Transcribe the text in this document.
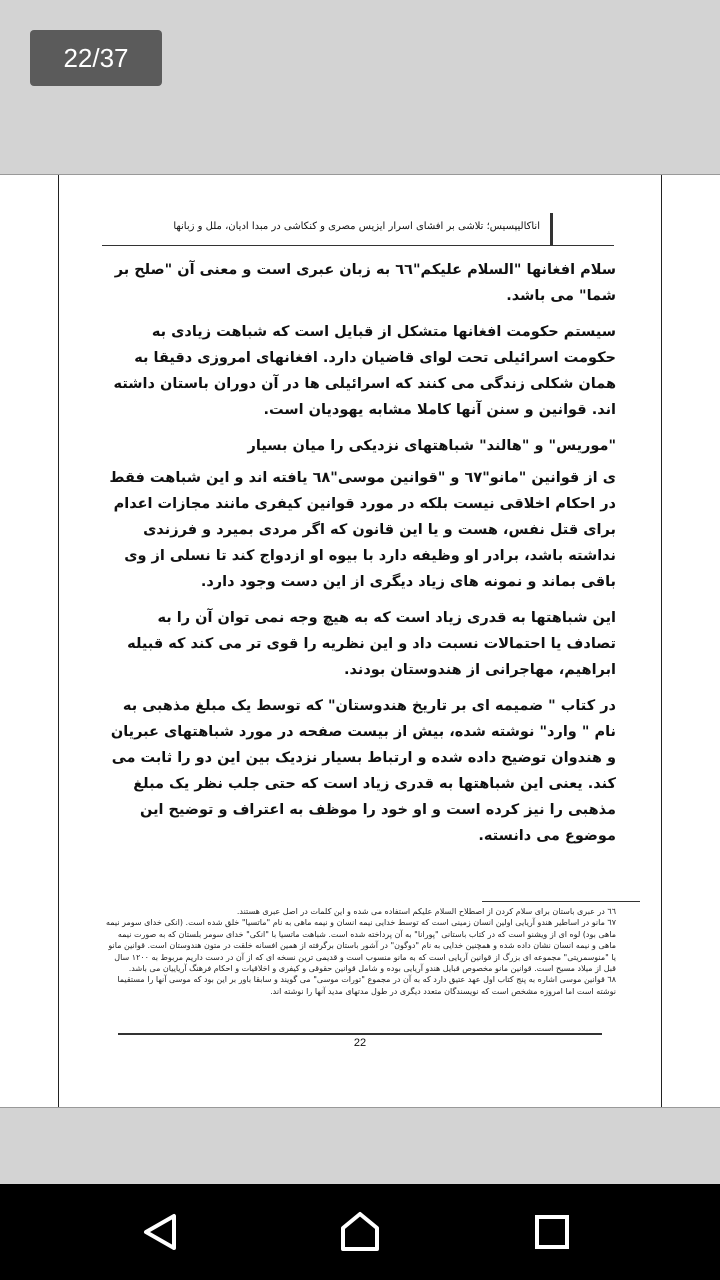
22/37
آناکالیپسیس؛ تلاشی بر افشای اسرار ایزیس مصری و کنکاشی در مبدأ ادیان، ملل و زبانها

سلام افغانها "السلام علیکم"٦٦ به زبان عبری است و معنی آن "صلح بر شما" می باشد.

سیستم حکومت افغانها متشکل از قبایل است که شباهت زیادی به حکومت اسرائیلی تحت لوای قاضیان دارد. افغانهای امروزی دقیقا به همان شکلی زندگی می کنند که اسرائیلی ها در آن دوران باستان داشته اند. قوانین و سنن آنها کاملا مشابه یهودیان است.

"موریس" و "هالند" شباهتهای نزدیکی را میان بسیار

ی از قوانین "مانو"٦٧ و "قوانین موسی"٦٨ یافته اند و این شباهت فقط در احکام اخلاقی نیست بلکه در مورد قوانین کیفری مانند مجازات اعدام برای قتل نفس، هست و یا این قانون که اگر مردی بمیرد و فرزندی نداشته باشد، برادر او وظیفه دارد با بیوه او ازدواج کند تا نسلی از وی باقی بماند و نمونه های زیاد دیگری از این دست وجود دارد.

این شباهتها به قدری زیاد است که به هیچ وجه نمی توان آن را به تصادف یا احتمالات نسبت داد و این نظریه را قوی تر می کند که قبیله ابراهیم، مهاجرانی از هندوستان بودند.

در کتاب " ضمیمه ای بر تاریخ هندوستان" که توسط یک مبلغ مذهبی به نام " وارد" نوشته شده، بیش از بیست صفحه در مورد شباهتهای عبریان و هندوان توضیح داده شده و ارتباط بسیار نزدیک بین این دو را ثابت می کند. یعنی این شباهتها به قدری زیاد است که حتی جلب نظر یک مبلغ مذهبی را نیز کرده است و او خود را موظف به اعتراف و توضیح این موضوع می دانسته.

٦٦ در عبری باستان برای سلام کردن از اصطلاح السلام علیکم استفاده می شده و این کلمات در اصل عبری هستند.

٦٧ مانو در اساطیر هندو آریایی اولین انسان زمینی است که توسط خدایی نیمه انسان و نیمه ماهی به نام "ماتسیا" خلق شده است. (انکی خدای سومر نیمه ماهی بود) لوه ای از ویشنو است که در کتاب باستانی "پورانا" به آن پرداخته شده است. شباهت ماتسیا با "انکی" خدای سومر بلستان که به صورت نیمه ماهی و نیمه انسان نشان داده شده و همچنین خدایی به نام "دوگون" در آشور باستان برگرفته از همین افسانه خلقت در متون هندوستان است. قوانین مانو یا "منوسمریتی" مجموعه ای بزرگ از قوانین آریایی است که به مانو منسوب است و قدیمی ترین نسخه ای که از آن در دست داریم مربوط به ۱۲۰۰ سال قبل از میلاد مسیح است. قوانین مانو مخصوص قبایل هندو آریایی بوده و شامل قوانین حقوقی و کیفری و اخلاقیات و احکام فرهنگ آریاییان می باشد.

٦٨ قوانین موسی اشاره به پنج کتاب اول عهد عتیق دارد که به آن در مجموع "تورات موسی" می گویند و سابقا باور بر این بود که موسی آنها را مستقیما نوشته است اما امروزه مشخص است که نویسندگان متعدد دیگری در طول مدتهای مدید آنها را نوشته اند.

22
